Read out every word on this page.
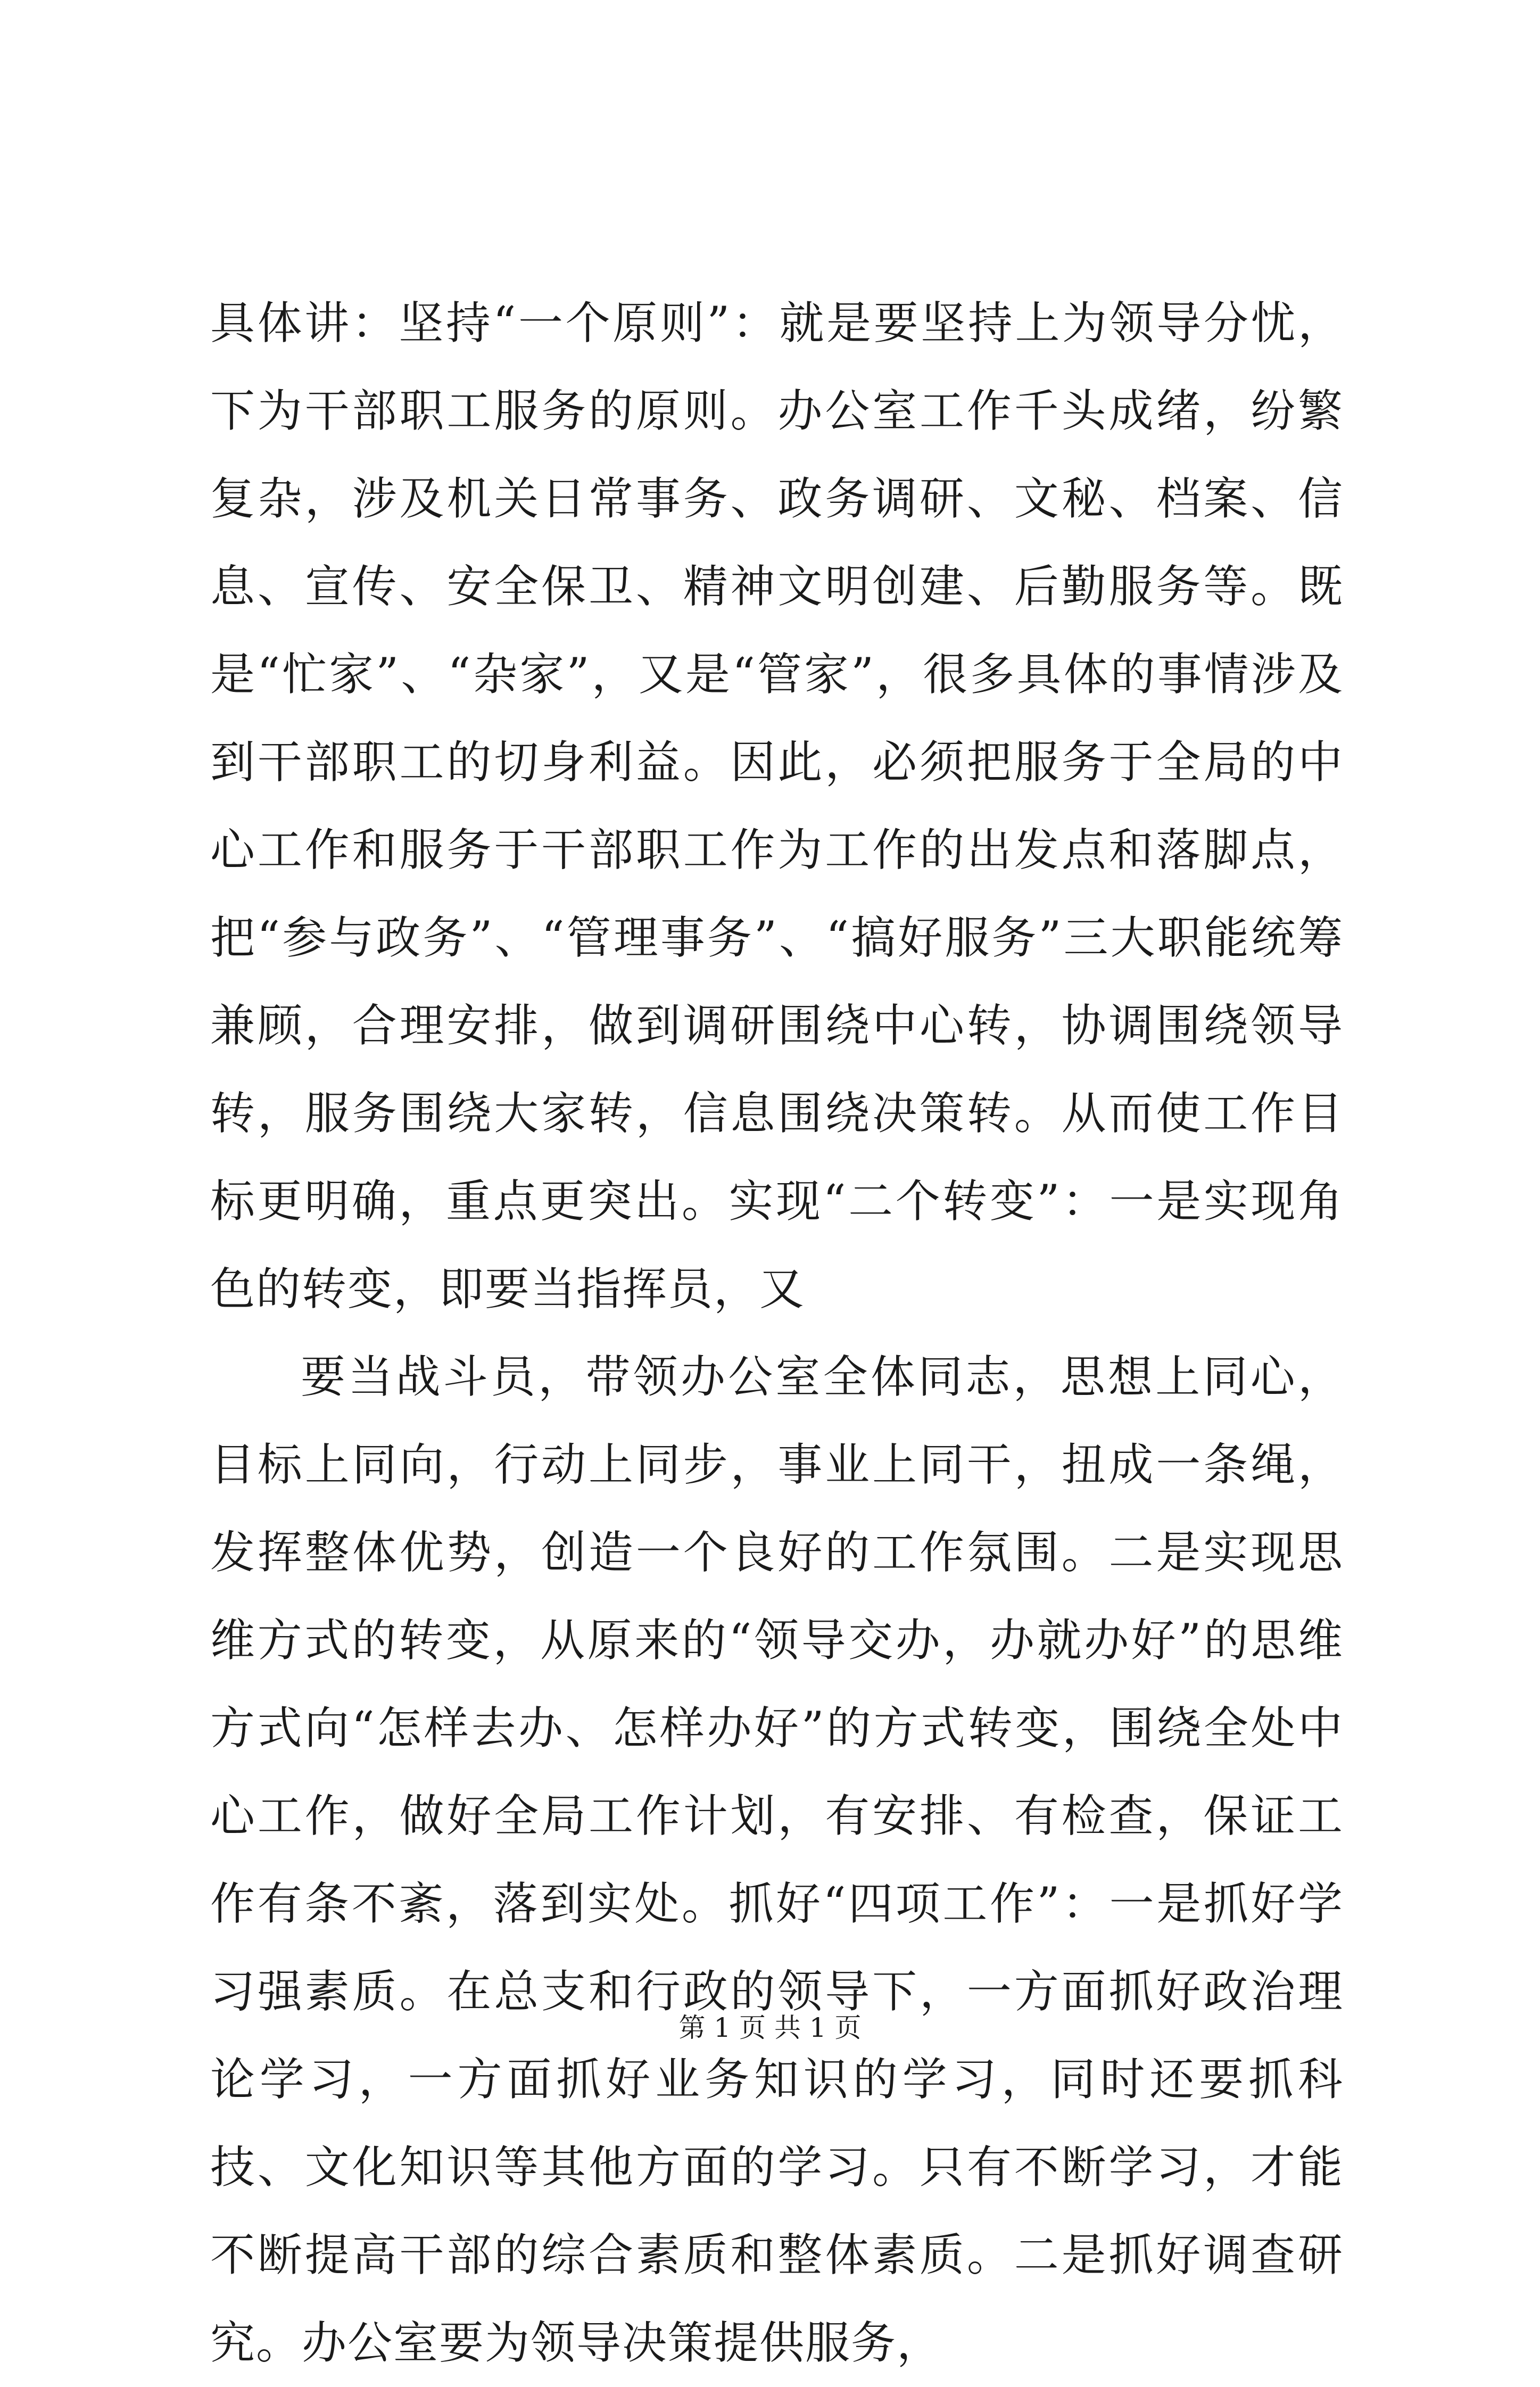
具体讲：坚持“一个原则”：就是要坚持上为领导分忧，下为干部职工服务的原则。办公室工作千头成绪，纷繁复杂，涉及机关日常事务、政务调研、文秘、档案、信息、宣传、安全保卫、精神文明创建、后勤服务等。既是“忙家”、“杂家”，又是“管家”，很多具体的事情涉及到干部职工的切身利益。因此，必须把服务于全局的中心工作和服务于干部职工作为工作的出发点和落脚点，把“参与政务”、“管理事务”、“搞好服务”三大职能统筹兼顾，合理安排，做到调研围绕中心转，协调围绕领导转，服务围绕大家转，信息围绕决策转。从而使工作目标更明确，重点更突出。实现“二个转变”：一是实现角色的转变，即要当指挥员，又

要当战斗员，带领办公室全体同志，思想上同心，目标上同向，行动上同步，事业上同干，扭成一条绳，发挥整体优势，创造一个良好的工作氛围。二是实现思维方式的转变，从原来的“领导交办，办就办好”的思维方式向“怎样去办、怎样办好”的方式转变，围绕全处中心工作，做好全局工作计划，有安排、有检查，保证工作有条不紊，落到实处。抓好“四项工作”：一是抓好学习强素质。在总支和行政的领导下，一方面抓好政治理论学习，一方面抓好业务知识的学习，同时还要抓科技、文化知识等其他方面的学习。只有不断学习，才能不断提高干部的综合素质和整体素质。二是抓好调查研究。办公室要为领导决策提供服务，

第 1 页 共 1 页
